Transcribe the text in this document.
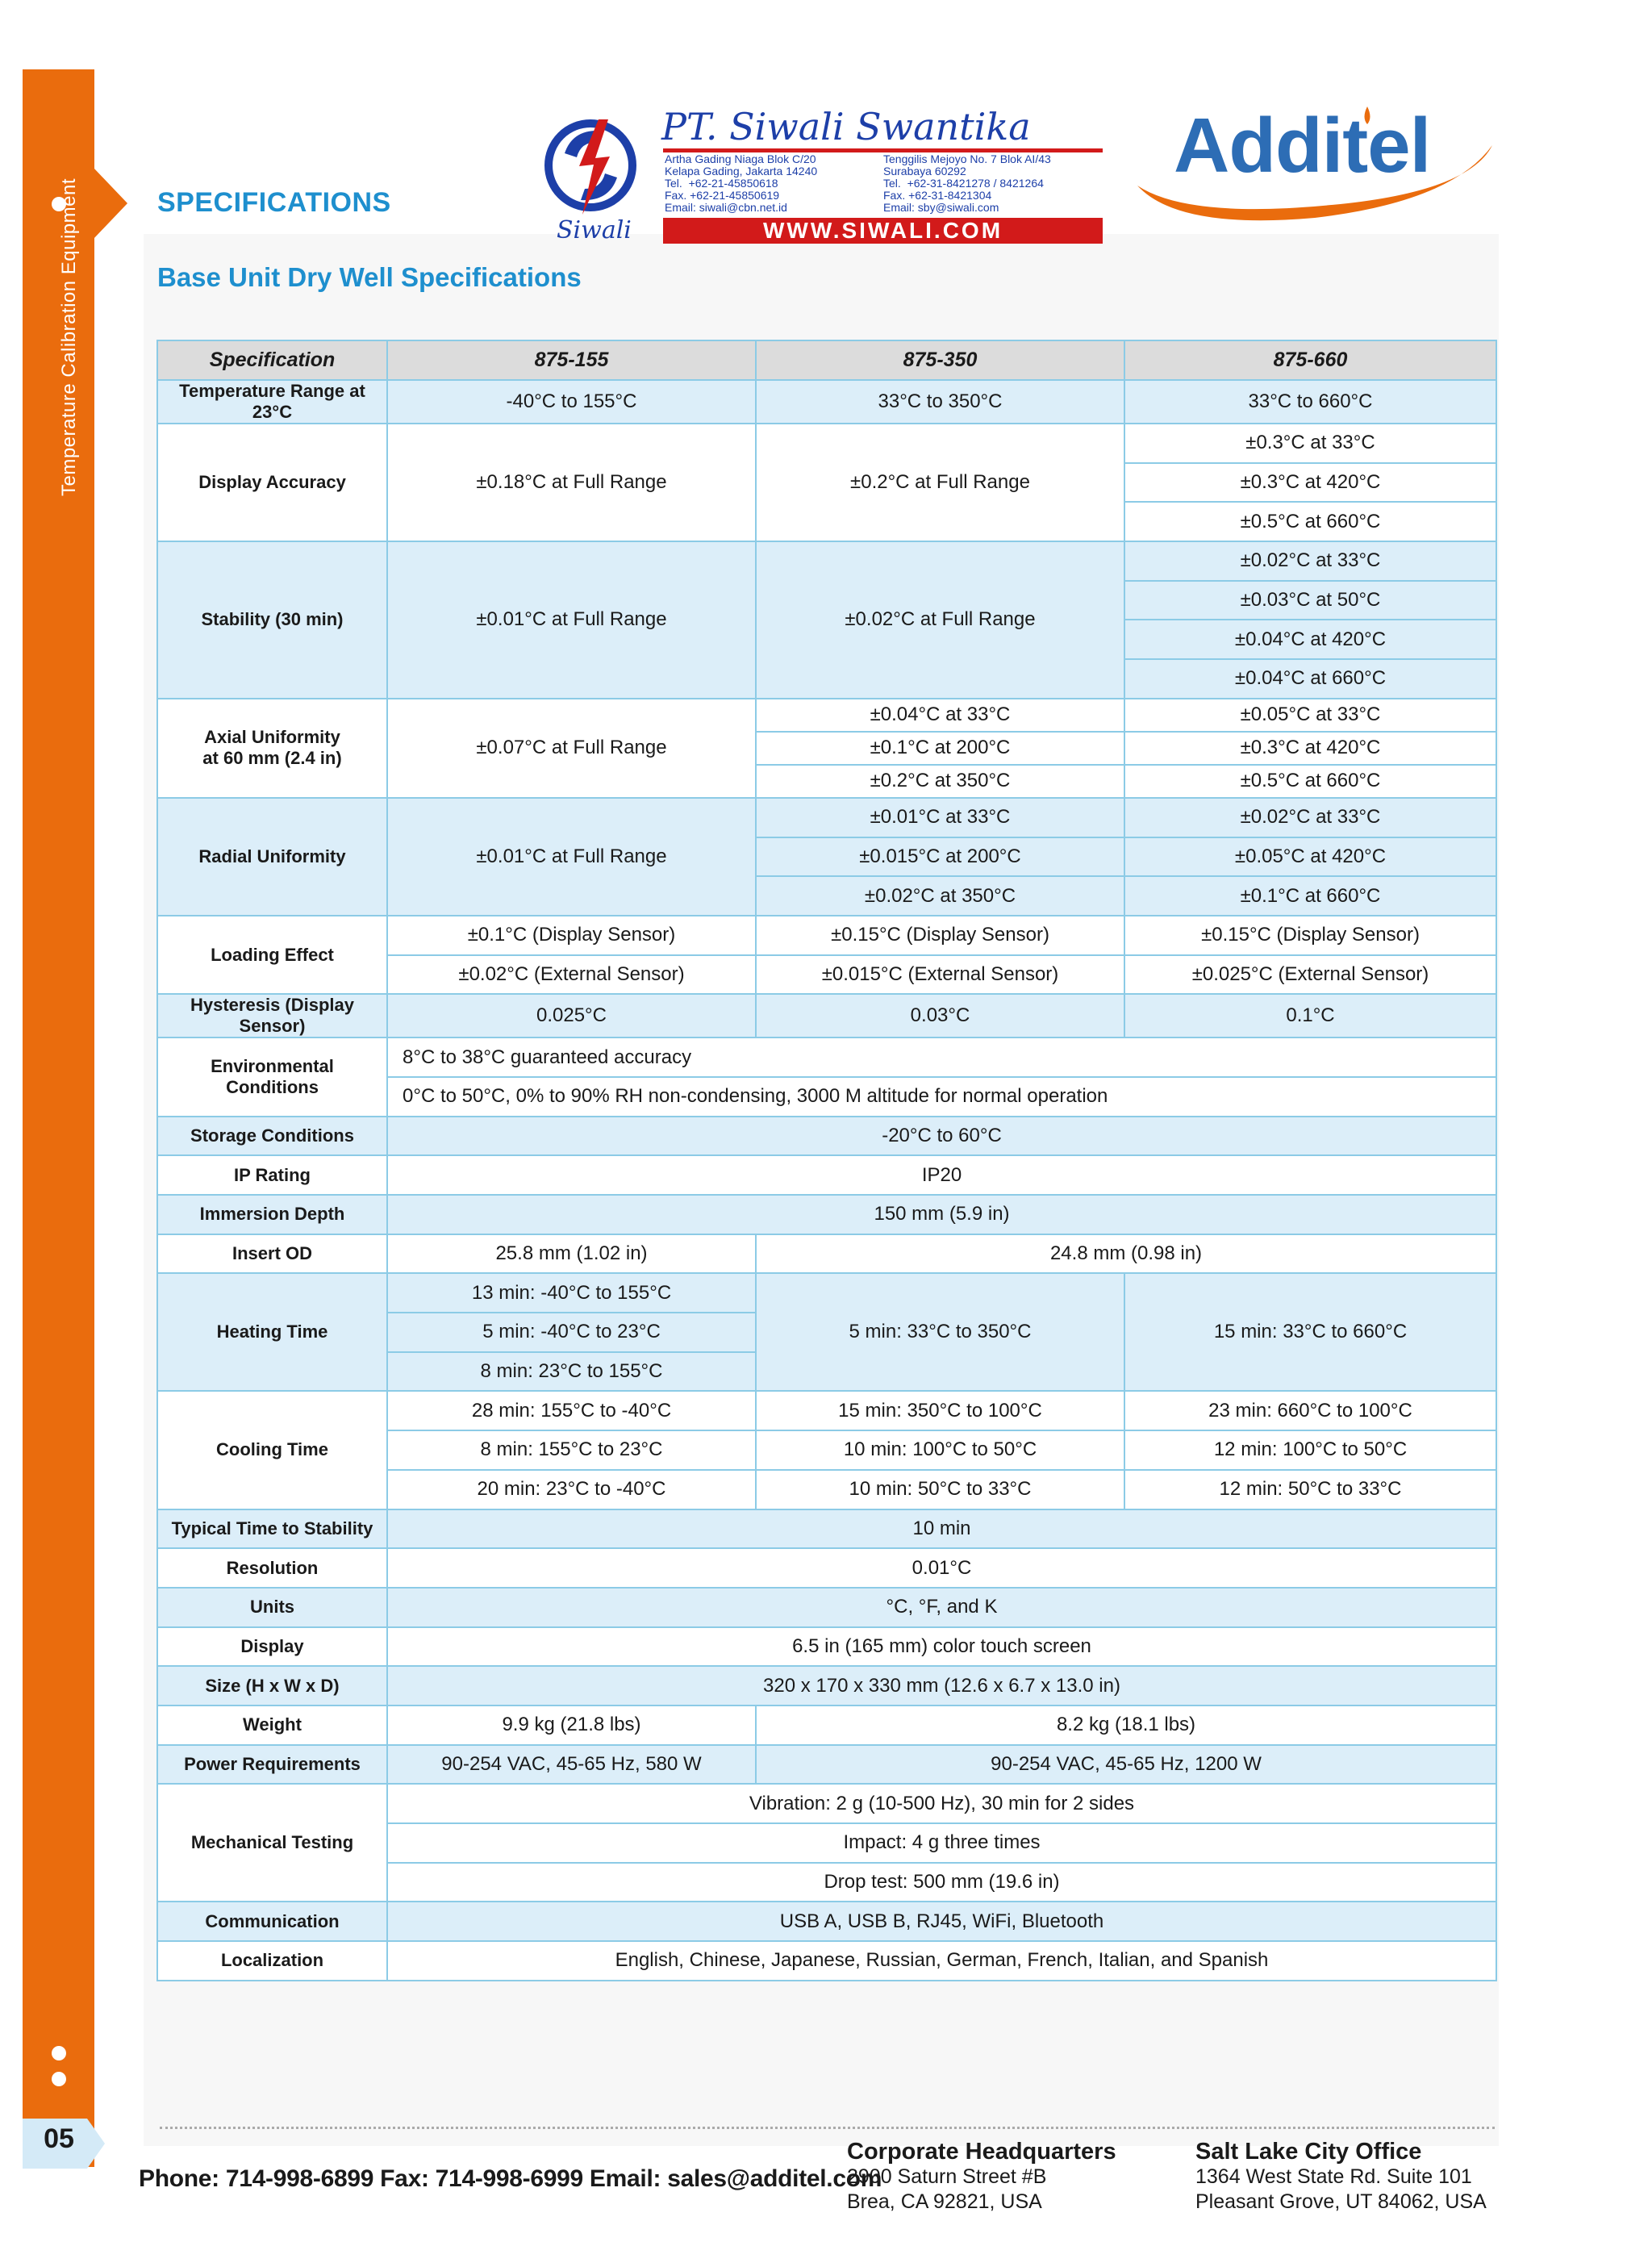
Temperature Calibration Equipment
05
Siwali
PT. Siwali Swantika
Artha Gading Niaga Blok C/20
Kelapa Gading, Jakarta 14240
Tel.  +62-21-45850618
Fax. +62-21-45850619
Email: siwali@cbn.net.id
Tenggilis Mejoyo No. 7 Blok AI/43
Surabaya 60292
Tel.  +62-31-8421278 / 8421264
Fax. +62-31-8421304
Email: sby@siwali.com
WWW.SIWALI.COM
Additel
SPECIFICATIONS
Base Unit Dry Well Specifications
Specification	875-155	875-350	875-660
Temperature Range at 23°C	-40°C to 155°C	33°C to 350°C	33°C to 660°C
Display Accuracy	±0.18°C at Full Range	±0.2°C at Full Range	±0.3°C at 33°C
			±0.3°C at 420°C
			±0.5°C at 660°C
Stability (30 min)	±0.01°C at Full Range	±0.02°C at Full Range	±0.02°C at 33°C
			±0.03°C at 50°C
			±0.04°C at 420°C
			±0.04°C at 660°C

Axial Uniformity
at 60 mm (2.4 in)	±0.07°C at Full Range	±0.04°C at 33°C	±0.05°C at 33°C
		±0.1°C at 200°C	±0.3°C at 420°C
		±0.2°C at 350°C	±0.5°C at 660°C
Radial Uniformity	±0.01°C at Full Range	±0.01°C at 33°C	±0.02°C at 33°C
		±0.015°C at 200°C	±0.05°C at 420°C
		±0.02°C at 350°C	±0.1°C at 660°C
Loading Effect	±0.1°C (Display Sensor)	±0.15°C (Display Sensor)	±0.15°C (Display Sensor)
	±0.02°C (External Sensor)	±0.015°C (External Sensor)	±0.025°C (External Sensor)
Hysteresis (Display Sensor)	0.025°C	0.03°C	0.1°C
Environmental Conditions	8°C to 38°C guaranteed accuracy		
	0°C to 50°C, 0% to 90% RH non-condensing, 3000 M altitude for normal operation		
Storage Conditions	-20°C to 60°C		
IP Rating	IP20		
Immersion Depth	150 mm (5.9 in)		
Insert OD	25.8 mm (1.02 in)	24.8 mm (0.98 in)	
Heating Time	13 min: -40°C to 155°C	5 min: 33°C to 350°C	15 min: 33°C to 660°C
	5 min: -40°C to 23°C		
	8 min: 23°C to 155°C		
Cooling Time	28 min: 155°C to -40°C	15 min: 350°C to 100°C	23 min: 660°C to 100°C
	8 min: 155°C to 23°C	10 min: 100°C to 50°C	12 min: 100°C to 50°C
	20 min: 23°C to -40°C	10 min: 50°C to 33°C	12 min: 50°C to 33°C
Typical Time to Stability	10 min		
Resolution	0.01°C		
Units	°C, °F, and K		
Display	6.5 in (165 mm) color touch screen		
Size (H x W x D)	320 x 170 x 330 mm (12.6 x 6.7 x 13.0 in)		
Weight	9.9 kg (21.8 lbs)	8.2 kg (18.1 lbs)	
Power Requirements	90-254 VAC, 45-65 Hz, 580 W	90-254 VAC, 45-65 Hz, 1200 W	
Mechanical Testing	Vibration: 2 g (10-500 Hz), 30 min for 2 sides		
	Impact: 4 g three times		
	Drop test: 500 mm (19.6 in)		
Communication	USB A, USB B, RJ45, WiFi, Bluetooth		
Localization	English, Chinese, Japanese, Russian, German, French, Italian, and Spanish		
Phone: 714-998-6899 Fax: 714-998-6999 Email: sales@additel.com
Corporate Headquarters
2900 Saturn Street #B
Brea, CA 92821, USA
Salt Lake City Office
1364 West State Rd. Suite 101
Pleasant Grove, UT 84062, USA
